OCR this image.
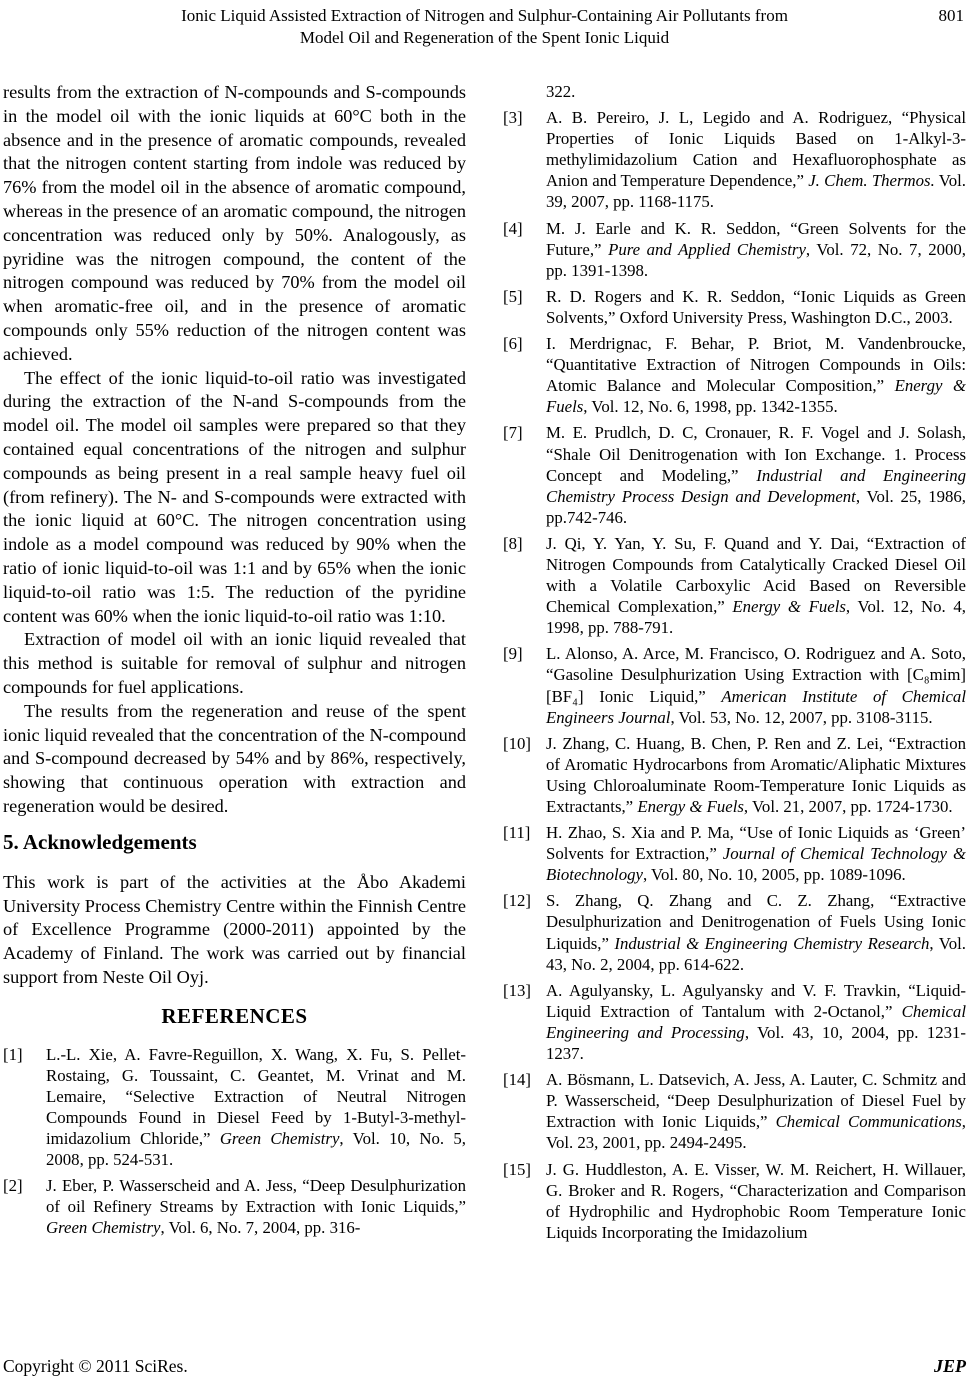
Ionic Liquid Assisted Extraction of Nitrogen and Sulphur-Containing Air Pollutants from
Model Oil and Regeneration of the Spent Ionic Liquid
801

results from the extraction of N-compounds and S-compounds in the model oil with the ionic liquids at 60°C both in the absence and in the presence of aromatic compounds, revealed that the nitrogen content starting from indole was reduced by 76% from the model oil in the absence of aromatic compound, whereas in the presence of an aromatic compound, the nitrogen concentration was reduced only by 50%. Analogously, as pyridine was the nitrogen compound, the content of the nitrogen compound was reduced by 70% from the model oil when aromatic-free oil, and in the presence of aromatic compounds only 55% reduction of the nitrogen content was achieved.

The effect of the ionic liquid-to-oil ratio was investigated during the extraction of the N-and S-compounds from the model oil. The model oil samples were prepared so that they contained equal concentrations of the nitrogen and sulphur compounds as being present in a real sample heavy fuel oil (from refinery). The N- and S-compounds were extracted with the ionic liquid at 60°C. The nitrogen concentration using indole as a model compound was reduced by 90% when the ratio of ionic liquid-to-oil was 1:1 and by 65% when the ionic liquid-to-oil ratio was 1:5. The reduction of the pyridine content was 60% when the ionic liquid-to-oil ratio was 1:10.

Extraction of model oil with an ionic liquid revealed that this method is suitable for removal of sulphur and nitrogen compounds for fuel applications.

The results from the regeneration and reuse of the spent ionic liquid revealed that the concentration of the N-compound and S-compound decreased by 54% and by 86%, respectively, showing that continuous operation with extraction and regeneration would be desired.

5. Acknowledgements

This work is part of the activities at the Åbo Akademi University Process Chemistry Centre within the Finnish Centre of Excellence Programme (2000-2011) appointed by the Academy of Finland. The work was carried out by financial support from Neste Oil Oyj.

REFERENCES
[1] L.-L. Xie, A. Favre-Reguillon, X. Wang, X. Fu, S. Pellet-Rostaing, G. Toussaint, C. Geantet, M. Vrinat and M. Lemaire, “Selective Extraction of Neutral Nitrogen Compounds Found in Diesel Feed by 1-Butyl-3-methyl-imidazolium Chloride,” Green Chemistry, Vol. 10, No. 5, 2008, pp. 524-531.
[2] J. Eber, P. Wasserscheid and A. Jess, “Deep Desulphurization of oil Refinery Streams by Extraction with Ionic Liquids,” Green Chemistry, Vol. 6, No. 7, 2004, pp. 316-
322.
[3] A. B. Pereiro, J. L, Legido and A. Rodriguez, “Physical Properties of Ionic Liquids Based on 1-Alkyl-3-methylimidazolium Cation and Hexafluorophosphate as Anion and Temperature Dependence,” J. Chem. Thermos. Vol. 39, 2007, pp. 1168-1175.
[4] M. J. Earle and K. R. Seddon, “Green Solvents for the Future,” Pure and Applied Chemistry, Vol. 72, No. 7, 2000, pp. 1391-1398.
[5] R. D. Rogers and K. R. Seddon, “Ionic Liquids as Green Solvents,” Oxford University Press, Washington D.C., 2003.
[6] I. Merdrignac, F. Behar, P. Briot, M. Vandenbroucke, “Quantitative Extraction of Nitrogen Compounds in Oils: Atomic Balance and Molecular Composition,” Energy & Fuels, Vol. 12, No. 6, 1998, pp. 1342-1355.
[7] M. E. Prudlch, D. C, Cronauer, R. F. Vogel and J. Solash, “Shale Oil Denitrogenation with Ion Exchange. 1. Process Concept and Modeling,” Industrial and Engineering Chemistry Process Design and Development, Vol. 25, 1986, pp.742-746.
[8] J. Qi, Y. Yan, Y. Su, F. Quand and Y. Dai, “Extraction of Nitrogen Compounds from Catalytically Cracked Diesel Oil with a Volatile Carboxylic Acid Based on Reversible Chemical Complexation,” Energy & Fuels, Vol. 12, No. 4, 1998, pp. 788-791.
[9] L. Alonso, A. Arce, M. Francisco, O. Rodriguez and A. Soto, “Gasoline Desulphurization Using Extraction with [C₈mim][BF₄] Ionic Liquid,” American Institute of Chemical Engineers Journal, Vol. 53, No. 12, 2007, pp. 3108-3115.
[10] J. Zhang, C. Huang, B. Chen, P. Ren and Z. Lei, “Extraction of Aromatic Hydrocarbons from Aromatic/Aliphatic Mixtures Using Chloroaluminate Room-Temperature Ionic Liquids as Extractants,” Energy & Fuels, Vol. 21, 2007, pp. 1724-1730.
[11] H. Zhao, S. Xia and P. Ma, “Use of Ionic Liquids as ‘Green’ Solvents for Extraction,” Journal of Chemical Technology & Biotechnology, Vol. 80, No. 10, 2005, pp. 1089-1096.
[12] S. Zhang, Q. Zhang and C. Z. Zhang, “Extractive Desulphurization and Denitrogenation of Fuels Using Ionic Liquids,” Industrial & Engineering Chemistry Research, Vol. 43, No. 2, 2004, pp. 614-622.
[13] A. Agulyansky, L. Agulyansky and V. F. Travkin, “Liquid-Liquid Extraction of Tantalum with 2-Octanol,” Chemical Engineering and Processing, Vol. 43, 10, 2004, pp. 1231-1237.
[14] A. Bösmann, L. Datsevich, A. Jess, A. Lauter, C. Schmitz and P. Wasserscheid, “Deep Desulphurization of Diesel Fuel by Extraction with Ionic Liquids,” Chemical Communications, Vol. 23, 2001, pp. 2494-2495.
[15] J. G. Huddleston, A. E. Visser, W. M. Reichert, H. Willauer, G. Broker and R. Rogers, “Characterization and Comparison of Hydrophilic and Hydrophobic Room Temperature Ionic Liquids Incorporating the Imidazolium
Copyright © 2011 SciRes.	JEP
